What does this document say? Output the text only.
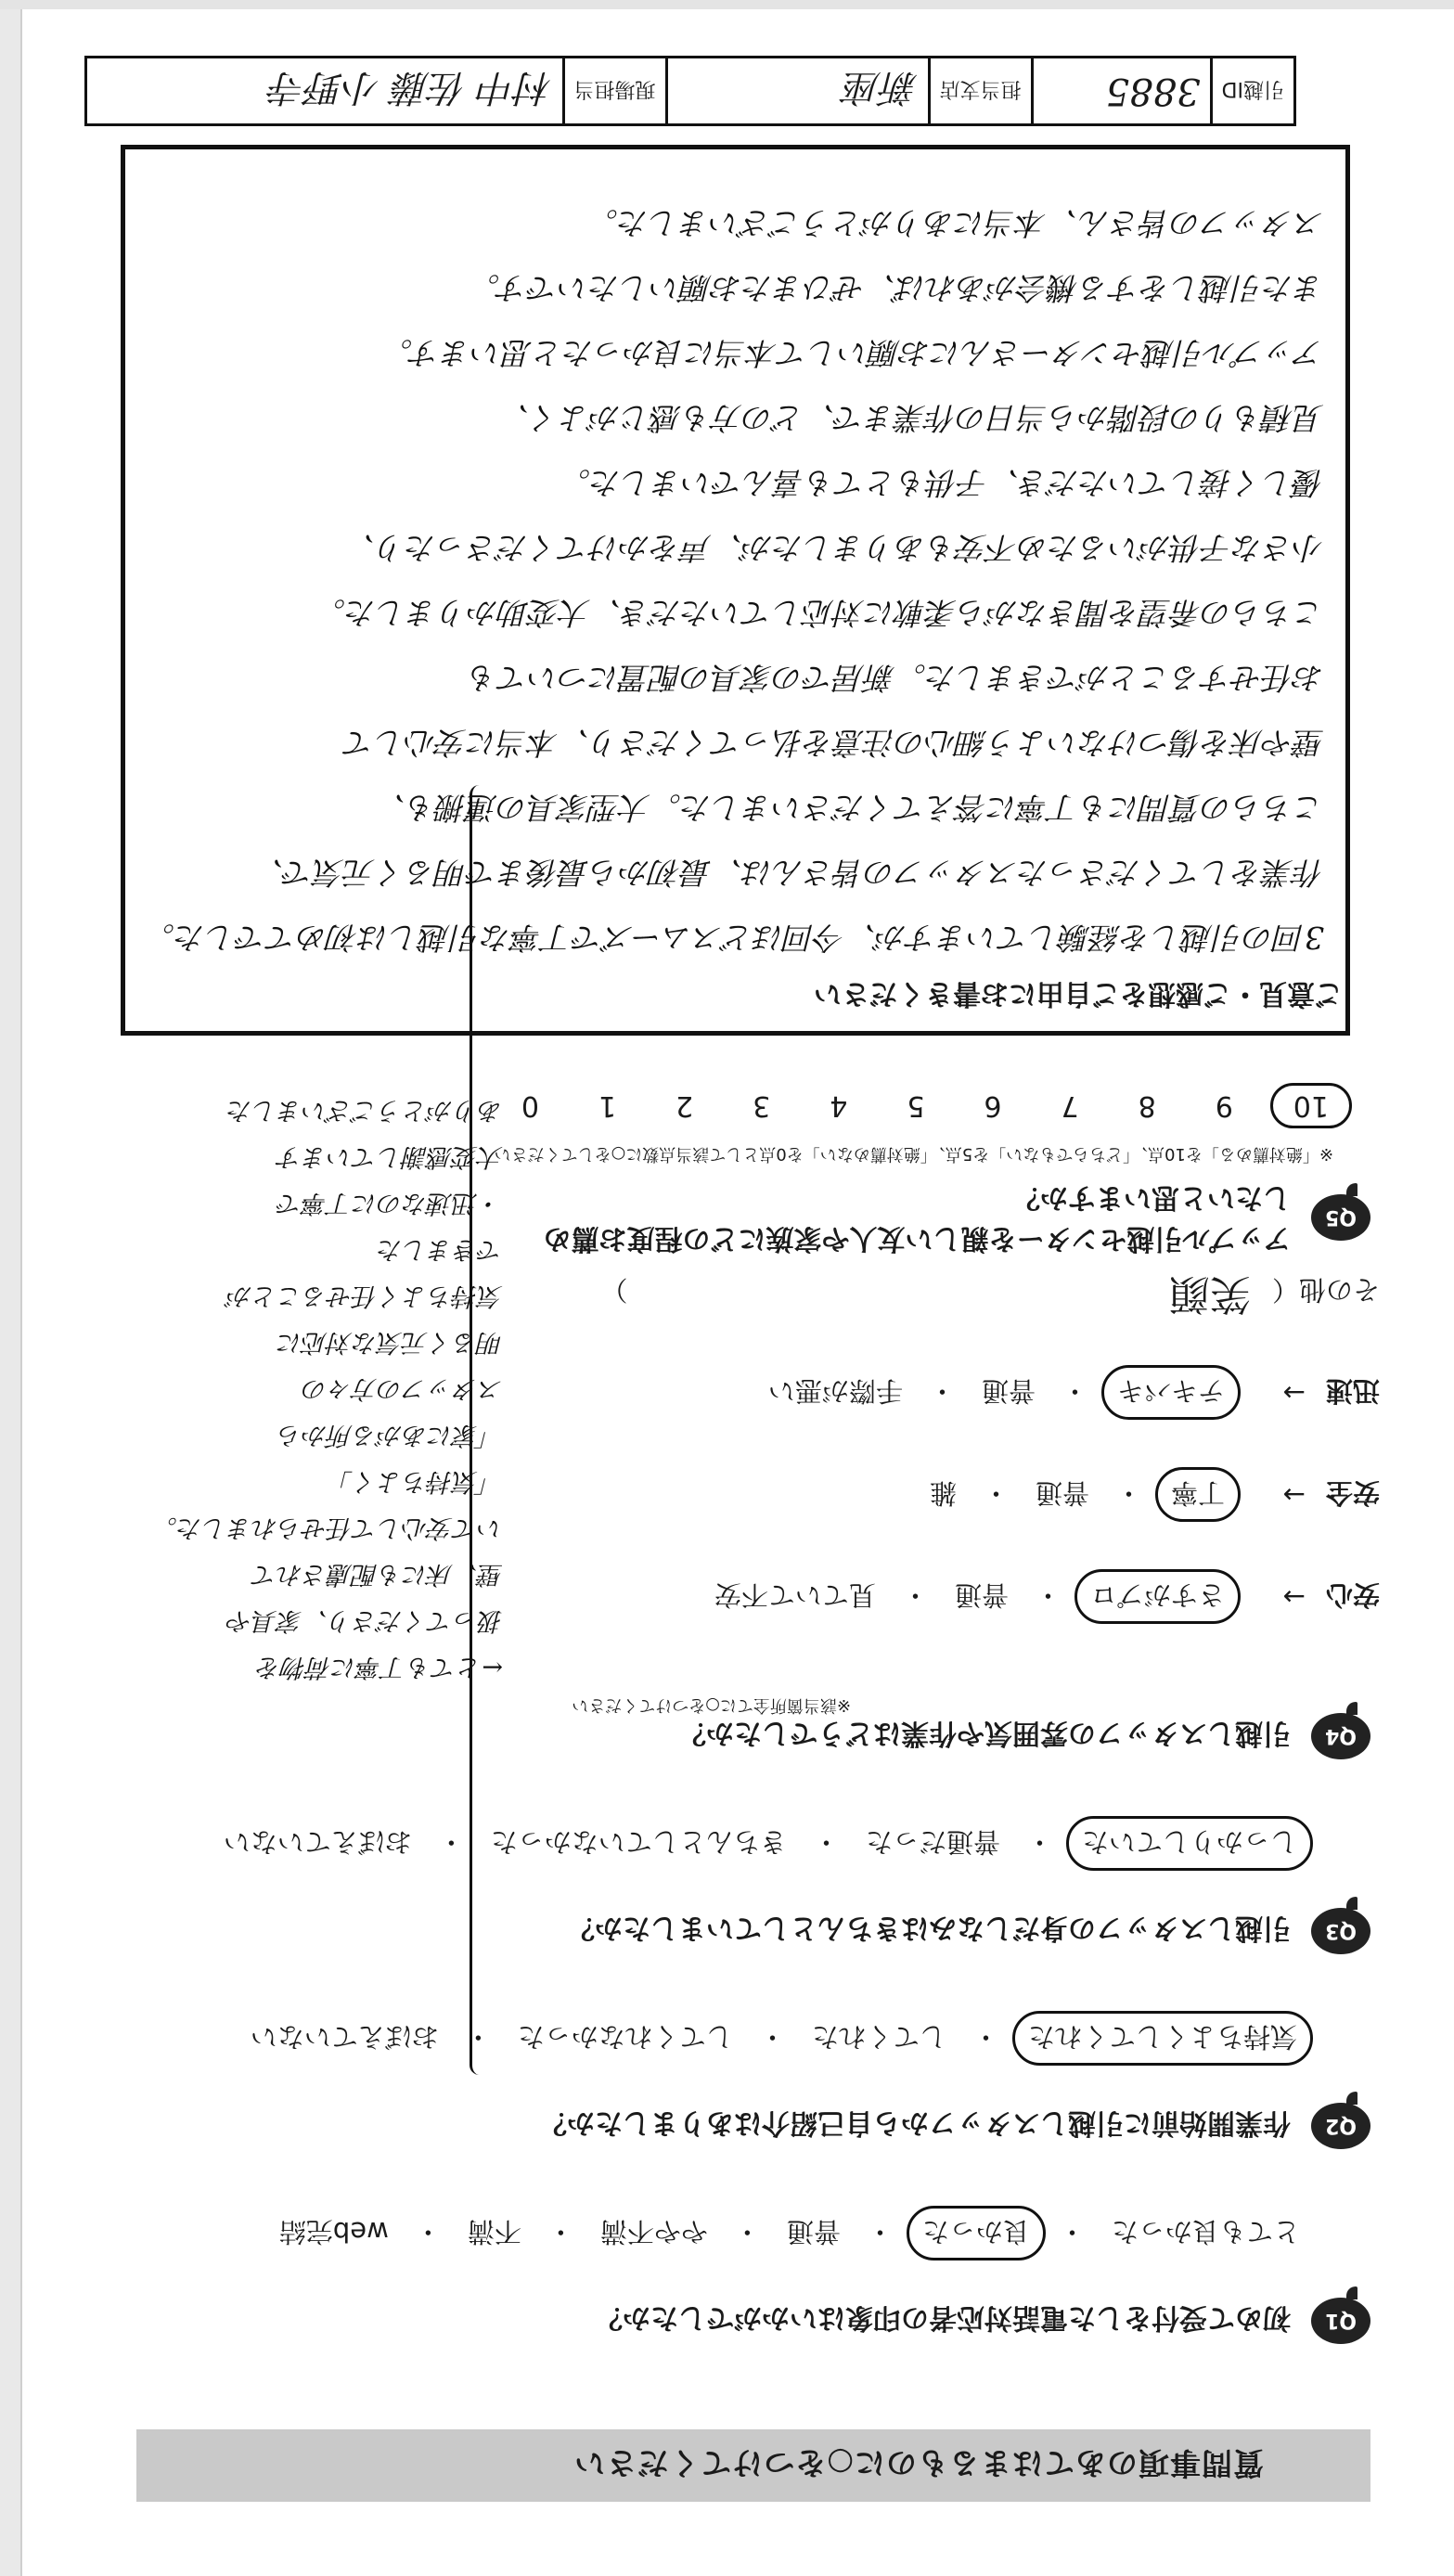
質問事項のあてはまるものに○をつけてください
Q1
初めて受付をした電話対応者の印象はいかがでしたか？
とても良かった
・
良かった
・
普通
・
やや不満
・
不満
・
web完結
Q2
作業開始前に引越しスタッフから自己紹介はありましたか？
気持ちよくしてくれた
・
してくれた
・
してくれなかった
・
おぼえていない
Q3
引越しスタッフの身だしなみはきちんとしていましたか？
しっかりしていた
・
普通だった
・
きちんとしていなかった
・
おぼえていない
Q4
引越しスタッフの雰囲気や作業はどうでしたか？
※該当箇所全てに○をつけてください
安心
→
さすがプロ
・
普通
・
見ていて不安
安全
→
丁寧
・
普通
・
雑
迅速
→
テキパキ
・
普通
・
手際が悪い
その他（ 笑顔 ）
←とても丁寧に荷物を
扱ってくださり、家具や
壁、床にも配慮されて
いて安心して任せられました。
「気持ちよく」
「家にあがる所から
スタッフの方々の
明るく元気な対応に
気持ちよく任せることが
できました
・迅速なのに丁寧で
大変感謝しています
ありがとうございました
Q5
アップル引越センターを親しい友人や家族にどの程度お薦めしたいと思いますか？
※「絶対薦める」を10点、「どちらでもない」を5点、「絶対薦めない」を0点として該当点数に○をしてください
10
9
8
7
6
5
4
3
2
1
0
ご意見・ご感想をご自由にお書きください
3回の引越しを経験していますが、今回ほどスムーズで丁寧な引越しは初めてでした。
作業をしてくださったスタッフの皆さんは、最初から最後まで明るく元気で、
こちらの質問にも丁寧に答えてくださいました。大型家具の運搬も、
壁や床を傷つけないよう細心の注意を払ってくださり、本当に安心して
お任せすることができました。新居での家具の配置についても
こちらの希望を聞きながら柔軟に対応していただき、大変助かりました。
小さな子供がいるため不安もありましたが、声をかけてくださったり、
優しく接していただき、子供もとても喜んでいました。
見積もりの段階から当日の作業まで、どの方も感じがよく、
アップル引越センターさんにお願いして本当に良かったと思います。
また引越しをする機会があれば、ぜひまたお願いしたいです。
スタッフの皆さん、本当にありがとうございました。
引越ID
3885
担当支店
新座
現場担当
村中 佐藤 小野寺
